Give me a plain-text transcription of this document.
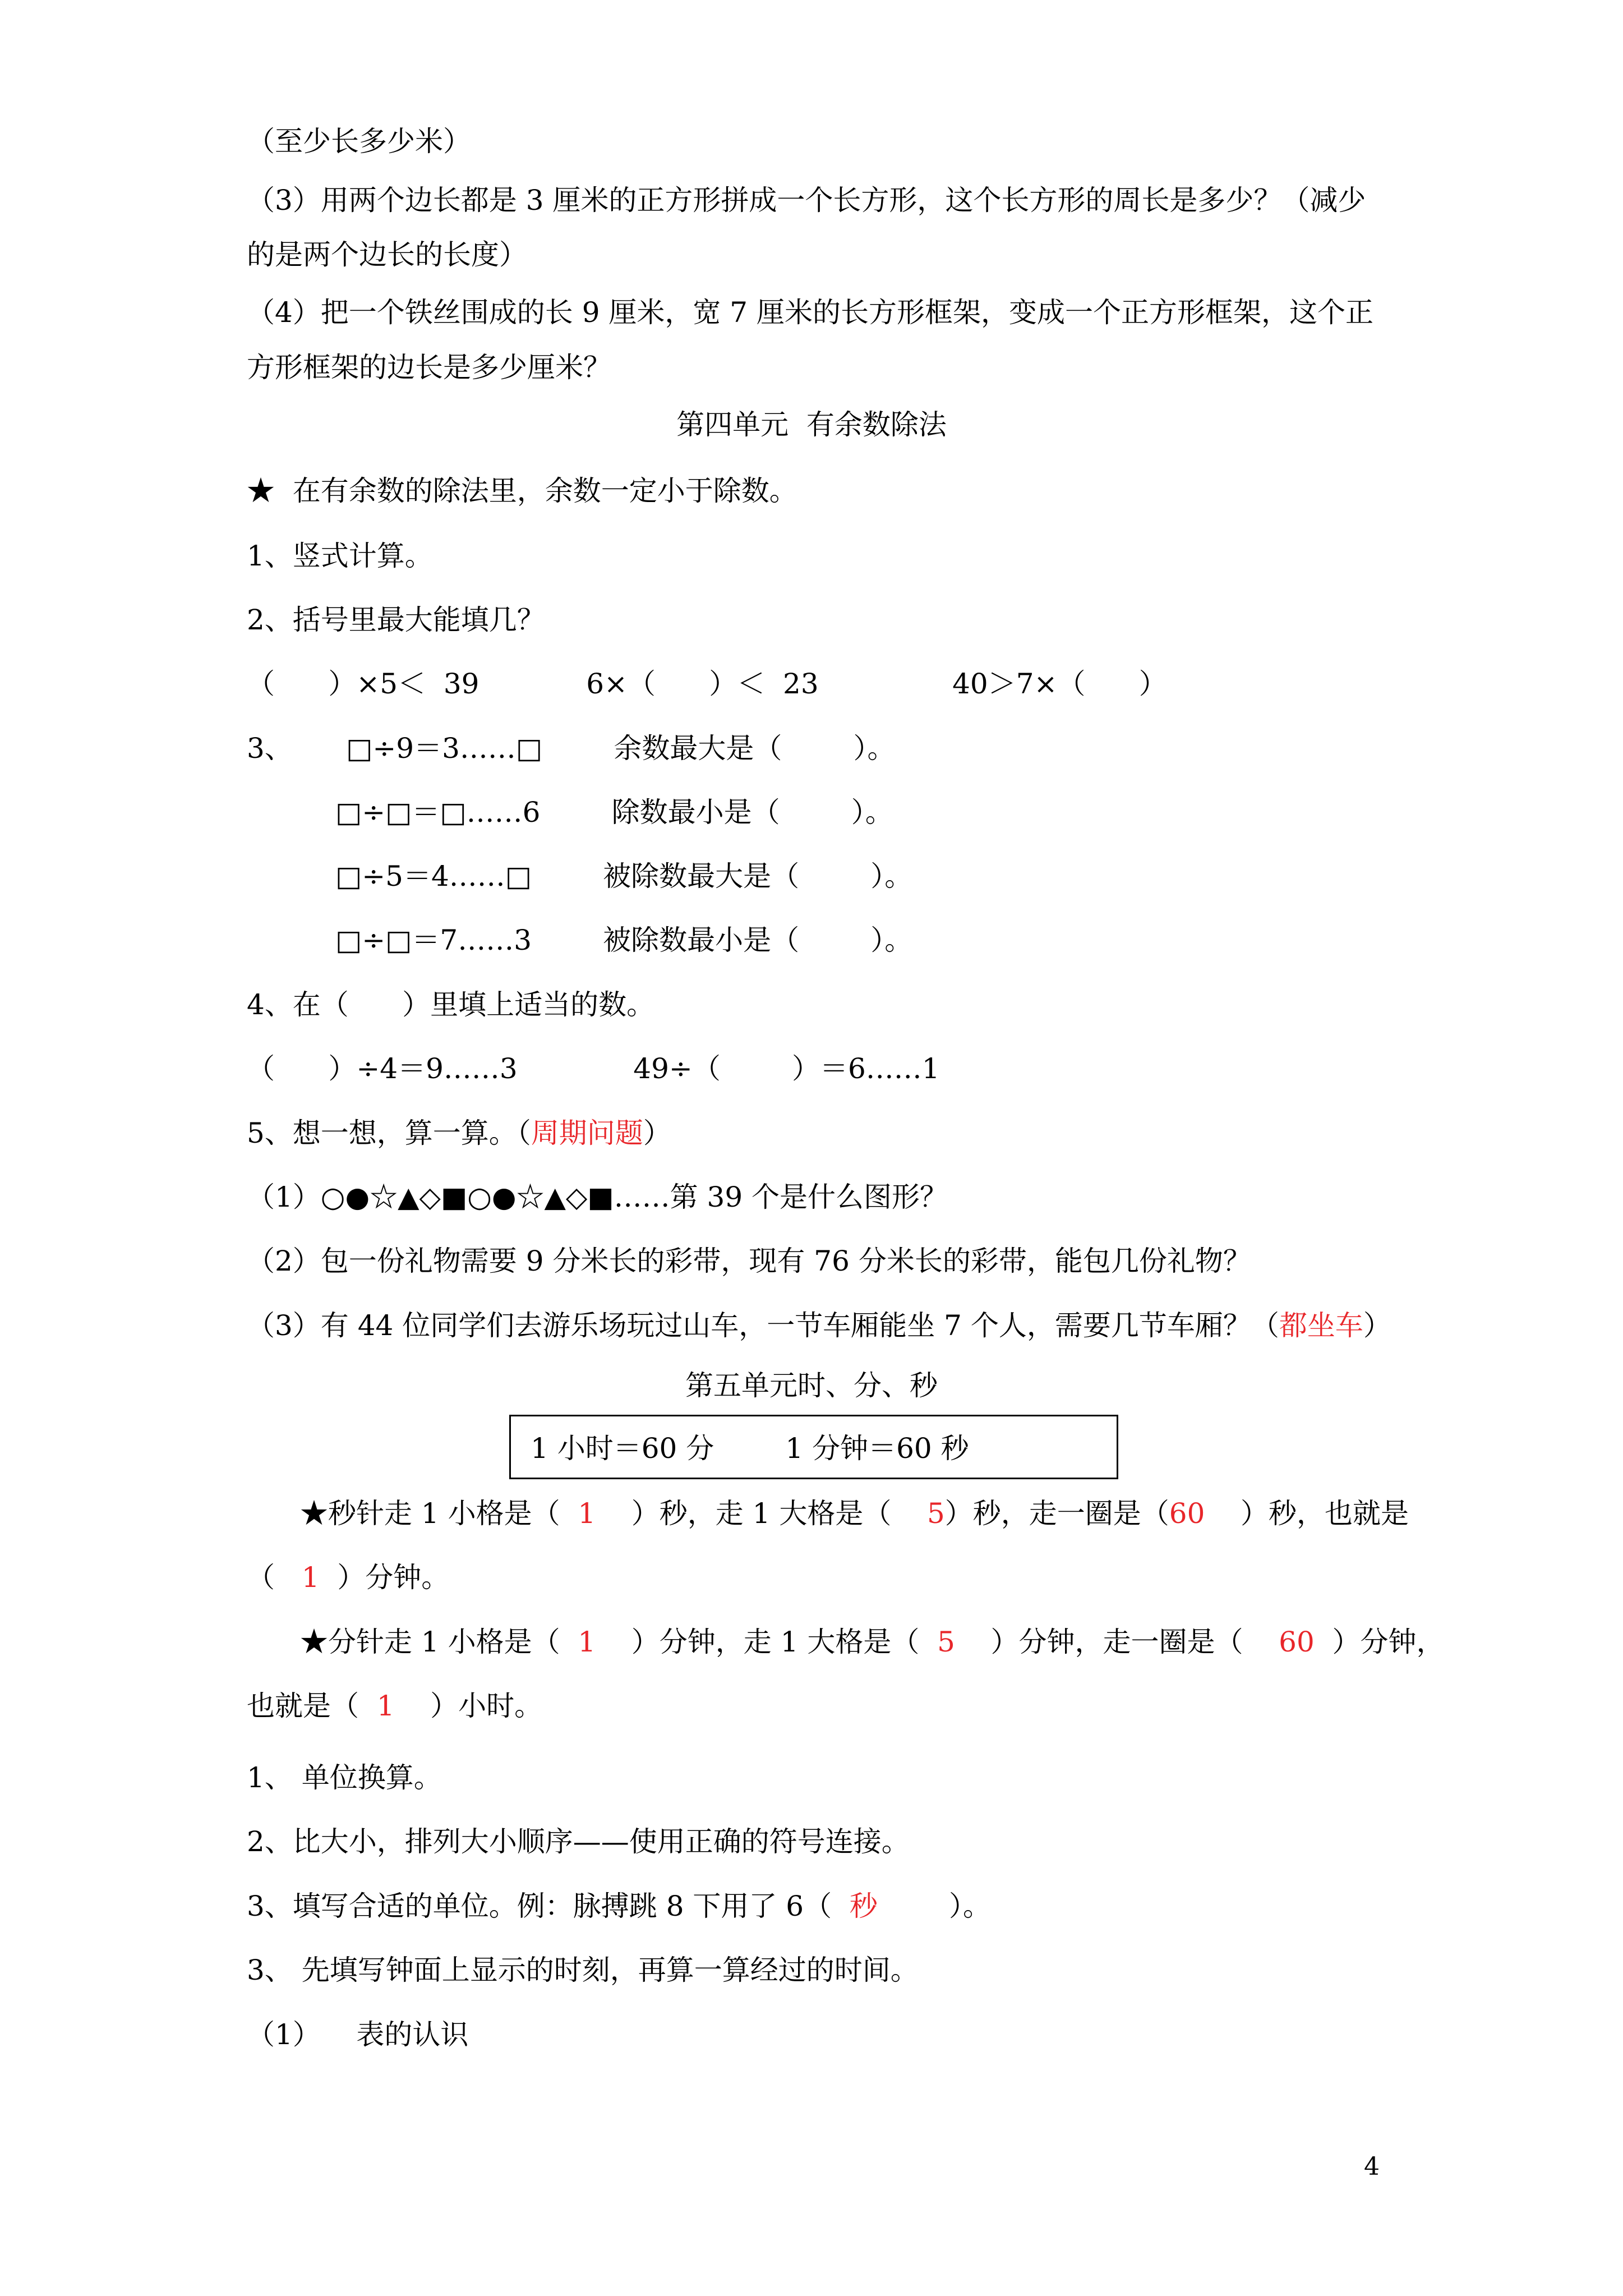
（至少长多少米）

（3）用两个边长都是 3 厘米的正方形拼成一个长方形，这个长方形的周长是多少？（减少

的是两个边长的长度）

（4）把一个铁丝围成的长 9 厘米，宽 7 厘米的长方形框架，变成一个正方形框架，这个正

方形框架的边长是多少厘米？

第四单元  有余数除法

★  在有余数的除法里，余数一定小于除数。

1、竖式计算。

2、括号里最大能填几？

（      ）×5＜  39            6×（      ）＜  23               40＞7×（      ）

3、      □÷9＝3……□        余数最大是（        ）。

□÷□＝□……6        除数最小是（        ）。

□÷5＝4……□        被除数最大是（        ）。

□÷□＝7……3        被除数最小是（        ）。

4、在（      ）里填上适当的数。

（      ）÷4＝9……3             49÷（        ）＝6……1

5、想一想，算一算。（周期问题）

（1）○●☆▲◇■○●☆▲◇■……第 39 个是什么图形？

（2）包一份礼物需要 9 分米长的彩带，现有 76 分米长的彩带，能包几份礼物？

（3）有 44 位同学们去游乐场玩过山车，一节车厢能坐 7 个人，需要几节车厢？（都坐车）

第五单元时、分、秒

1 小时＝60 分        1 分钟＝60 秒

★秒针走 1 小格是（  1    ）秒，走 1 大格是（    5）秒，走一圈是（60    ）秒，也就是

（   1  ）分钟。

★分针走 1 小格是（  1    ）分钟，走 1 大格是（  5    ）分钟，走一圈是（    60  ）分钟，

也就是（  1    ）小时。

1、 单位换算。

2、比大小，排列大小顺序——使用正确的符号连接。

3、填写合适的单位。例：脉搏跳 8 下用了 6（  秒        ）。

3、 先填写钟面上显示的时刻，再算一算经过的时间。

（1）    表的认识

4
